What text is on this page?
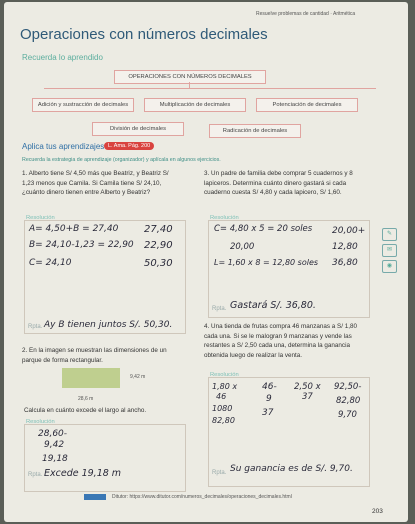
Resuelve problemas de cantidad · Aritmética
Operaciones con números decimales
Recuerda lo aprendido
OPERACIONES CON NÚMEROS DECIMALES
Adición y sustracción de decimales	Multiplicación de decimales	Potenciación de decimales
División de decimales	Radicación de decimales
Aplica tus aprendizajes L. Ama. Pág. 200
Recuerda la estrategia de aprendizaje (organizador) y aplícala en algunos ejercicios.
1. Alberto tiene S/ 4,50 más que Beatriz, y Beatriz S/ 1,23 menos que Camila. Si Camila tiene S/ 24,10, ¿cuánto dinero tienen entre Alberto y Beatriz?
Resolución
A= 4,50+B = 27,40
B= 24,10-1,23 = 22,90
C= 24,10
27,40
22,90
50,30
Rpta. Ay B tienen juntos S/. 50,30.
2. En la imagen se muestran las dimensiones de un parque de forma rectangular.
9,42 m
28,6 m
Calcula en cuánto excede el largo al ancho.
Resolución
28,60-
9,42
19,18
Rpta. Excede 19,18 m
3. Un padre de familia debe comprar 5 cuadernos y 8 lapiceros. Determina cuánto dinero gastará si cada cuaderno cuesta S/ 4,80 y cada lapicero, S/ 1,60.
Resolución
C= 4,80 x 5 = 20 soles
20,00
L= 1,60 x 8 = 12,80 soles
20,00+
12,80
36,80
Rpta. Gastará S/. 36,80.
✎
✉
◉
4. Una tienda de frutas compra 46 manzanas a S/ 1,80 cada una. Si se le malogran 9 manzanas y vende las restantes a S/ 2,50 cada una, determina la ganancia obtenida luego de realizar la venta.
Resolución
1,80 x
46
1080
82,80
46-
9
37
2,50 x
37
92,50-
82,80
9,70
Rpta. Su ganancia es de S/. 9,70.
Ditutor: https://www.ditutor.com/numeros_decimales/operaciones_decimales.html
203
